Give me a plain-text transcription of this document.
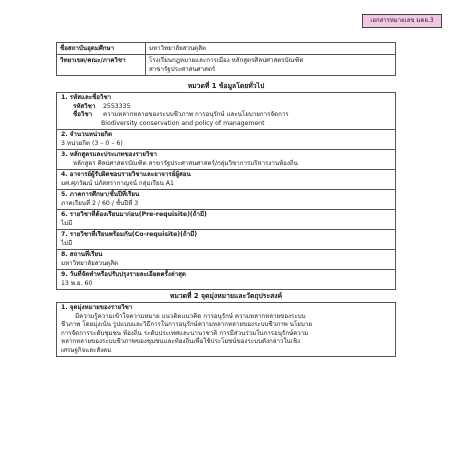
เอกสารหมายเลข มคอ.3
ชื่อสถาบันอุดมศึกษา	มหาวิทยาลัยสวนดุสิต
วิทยาเขต/คณะ/ภาควิชา	โรงเรียนกฎหมายและการเมือง หลักสูตรศิลปศาสตรบัณฑิต
สาขารัฐประศาสนศาสตร์
หมวดที่ 1 ข้อมูลโดยทั่วไป
1. รหัสและชื่อวิชา
รหัสวิชา 2553335
ชื่อวิชา ความหลากหลายของระบบชีวภาพ การอนุรักษ์ และนโยบายการจัดการ
Biodiversity conservation and policy of management
2. จำนวนหน่วยกิต
3 หน่วยกิต (3 – 0 – 6)
3. หลักสูตรและประเภทของรายวิชา
หลักสูตร ศิลปศาสตรบัณฑิต สาขารัฐประศาสนศาสตร์/กลุ่มวิชาการบริหารงานท้องถิ่น
4. อาจารย์ผู้รับผิดชอบรายวิชาและอาจารย์ผู้สอน
มศ.ศุภวัฒน์ ปภัสสรากาญจน์ กลุ่มเรียน A1
5. ภาคการศึกษา/ชั้นปีที่เรียน
ภาคเรียนที่ 2 / 60 / ชั้นปีที่ 3
6. รายวิชาที่ต้องเรียนมาก่อน(Pre-requisite)(ถ้ามี)
ไม่มี
7. รายวิชาที่เรียนพร้อมกัน(Co-requisite)(ถ้ามี)
ไม่มี
8. สถานที่เรียน
มหาวิทยาลัยสวนดุสิต
9. วันที่จัดทำหรือปรับปรุงรายละเอียดครั้งล่าสุด
13 พ.ย. 60
หมวดที่ 2 จุดมุ่งหมายและวัตถุประสงค์
1. จุดมุ่งหมายของรายวิชา
มีความรู้ความเข้าใจความหมาย แนวคิดแนวคิด การอนุรักษ์ ความหลากหลายของระบบ
ชีวภาพ โดยมุ่งเน้น รูปแบบและวิธีการในการอนุรักษ์ความหลากหลายของระบบชีวภาพ นโยบาย
การจัดการระดับชุมชน ท้องถิ่น ระดับประเทศและนานาชาติ การมีส่วนร่วมในการอนุรักษ์ความ
หลากหลายของระบบชีวภาพของชุมชนและท้องถิ่นเพื่อใช้ประโยชน์ของระบบดังกล่าวในเชิง
เศรษฐกิจและสังคม
